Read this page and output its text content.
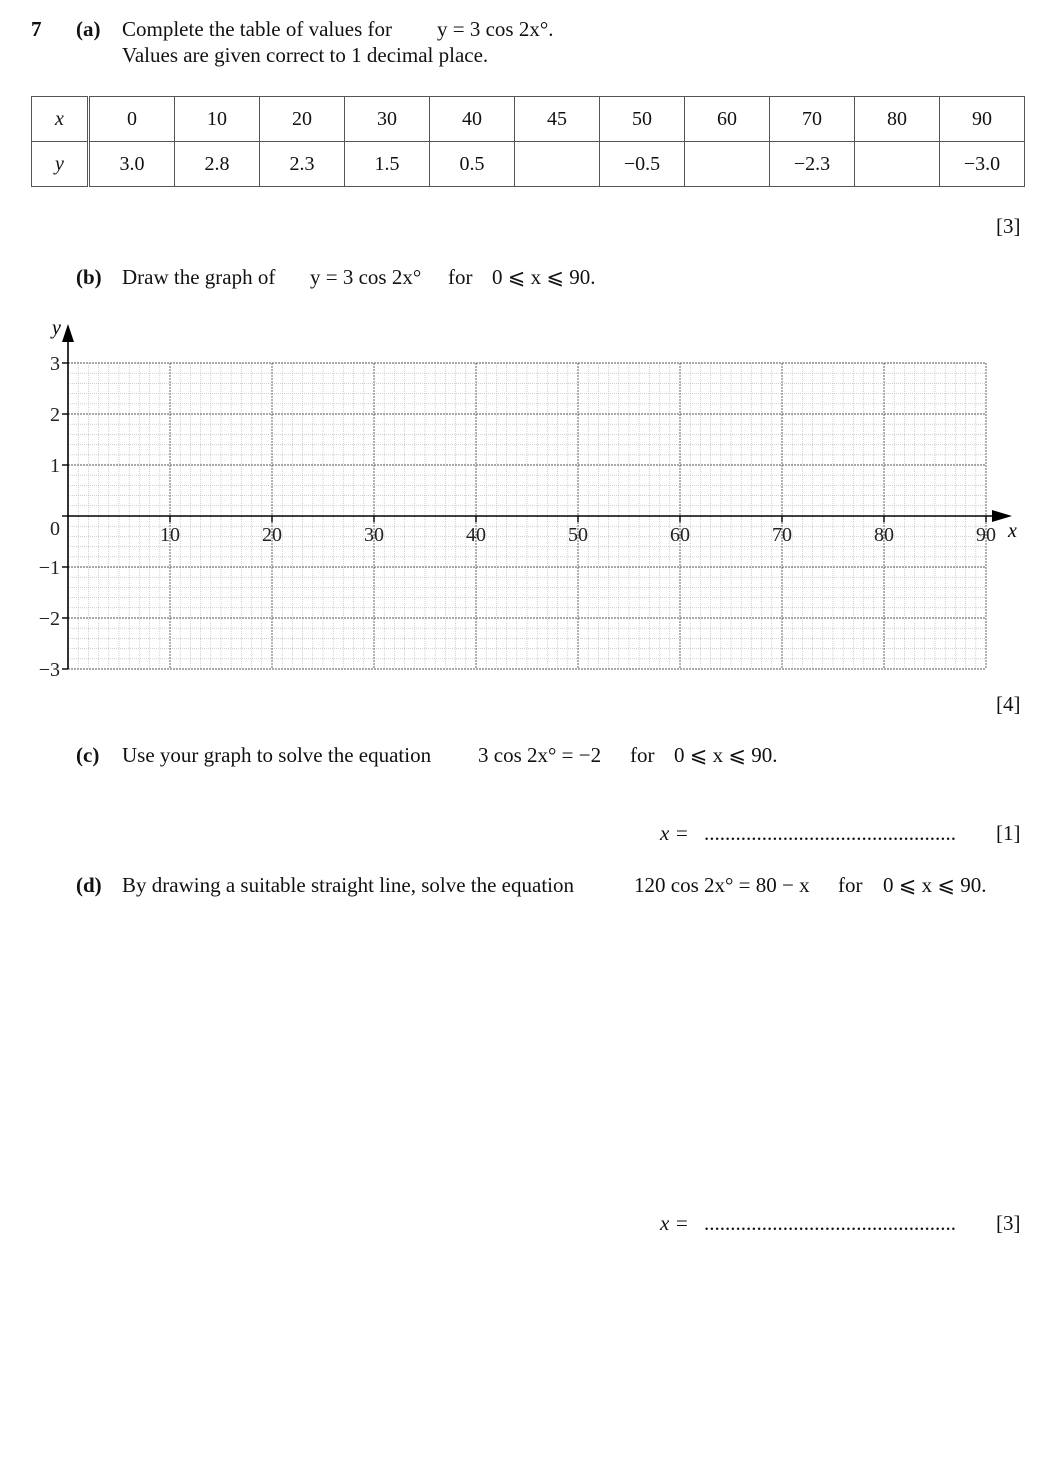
7 (a) Complete the table of values for y = 3 cos 2x°.
Values are given correct to 1 decimal place.
x	0	10	20	30	40	45	50	60	70	80	90
y	3.0	2.8	2.3	1.5	0.5		−0.5		−2.3		−3.0
[3]
(b) Draw the graph of y = 3 cos 2x° for 0 ⩽ x ⩽ 90.
10	20	30	40	50	60	70	80	90
3
2
1
0
−1
−2
−3
x
y
[4]
(c) Use your graph to solve the equation 3 cos 2x° = −2 for 0 ⩽ x ⩽ 90.
x = ................................................	[1]
(d) By drawing a suitable straight line, solve the equation	120 cos 2x° = 80 − x for 0 ⩽ x ⩽ 90.
x = ................................................	[3]
